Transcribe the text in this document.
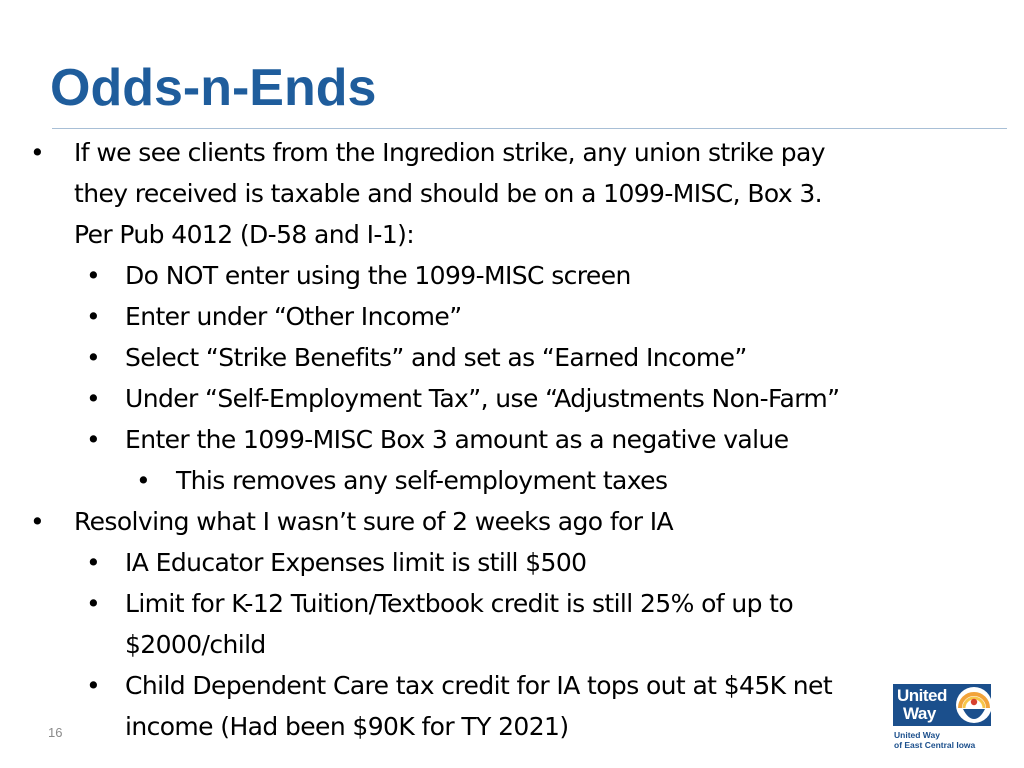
Odds-n-Ends
•	If we see clients from the Ingredion strike, any union strike pay
they received is taxable and should be on a 1099-MISC, Box 3.
Per Pub 4012 (D-58 and I-1):
• Do NOT enter using the 1099-MISC screen
• Enter under “Other Income”
• Select “Strike Benefits” and set as “Earned Income”
• Under “Self-Employment Tax”, use “Adjustments Non-Farm”
• Enter the 1099-MISC Box 3 amount as a negative value
•	This removes any self-employment taxes
•	Resolving what I wasn’t sure of 2 weeks ago for IA
• IA Educator Expenses limit is still $500
• Limit for K-12 Tuition/Textbook credit is still 25% of up to
$2000/child
• Child Dependent Care tax credit for IA tops out at $45K net
income (Had been $90K for TY 2021)
16
United
Way
United Way
of East Central Iowa
